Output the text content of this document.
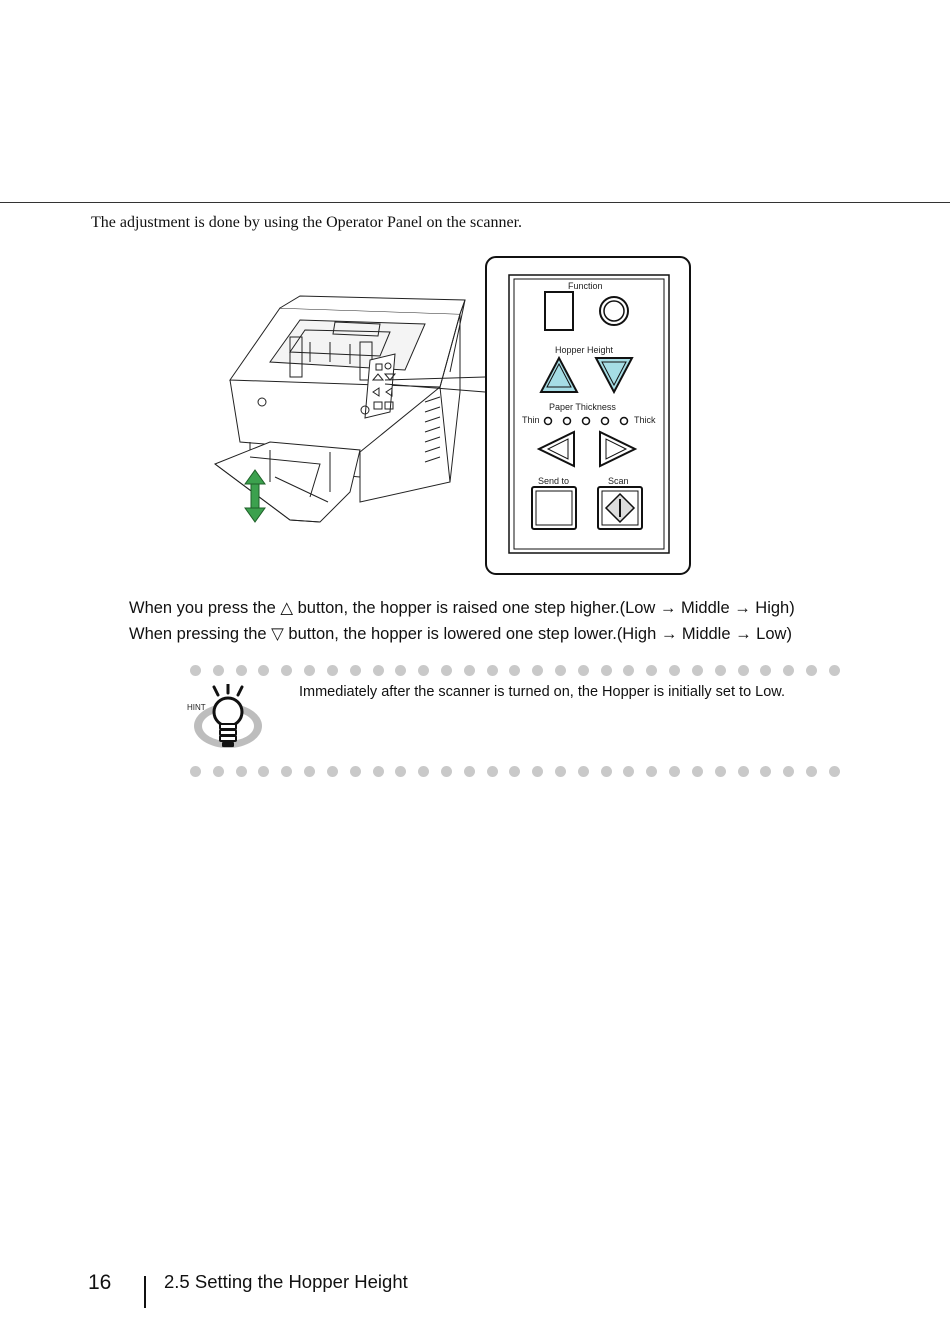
The adjustment is done by using the Operator Panel on the scanner.
Function
Hopper Height
Paper Thickness
Thin	Thick
Send to	Scan
When you press the △ button, the hopper is raised one step higher.(Low → Middle → High)
When pressing the ▽ button, the hopper is lowered one step lower.(High → Middle → Low)
HINT
Immediately after the scanner is turned on, the Hopper is initially set to Low.
16	2.5 Setting the Hopper Height
